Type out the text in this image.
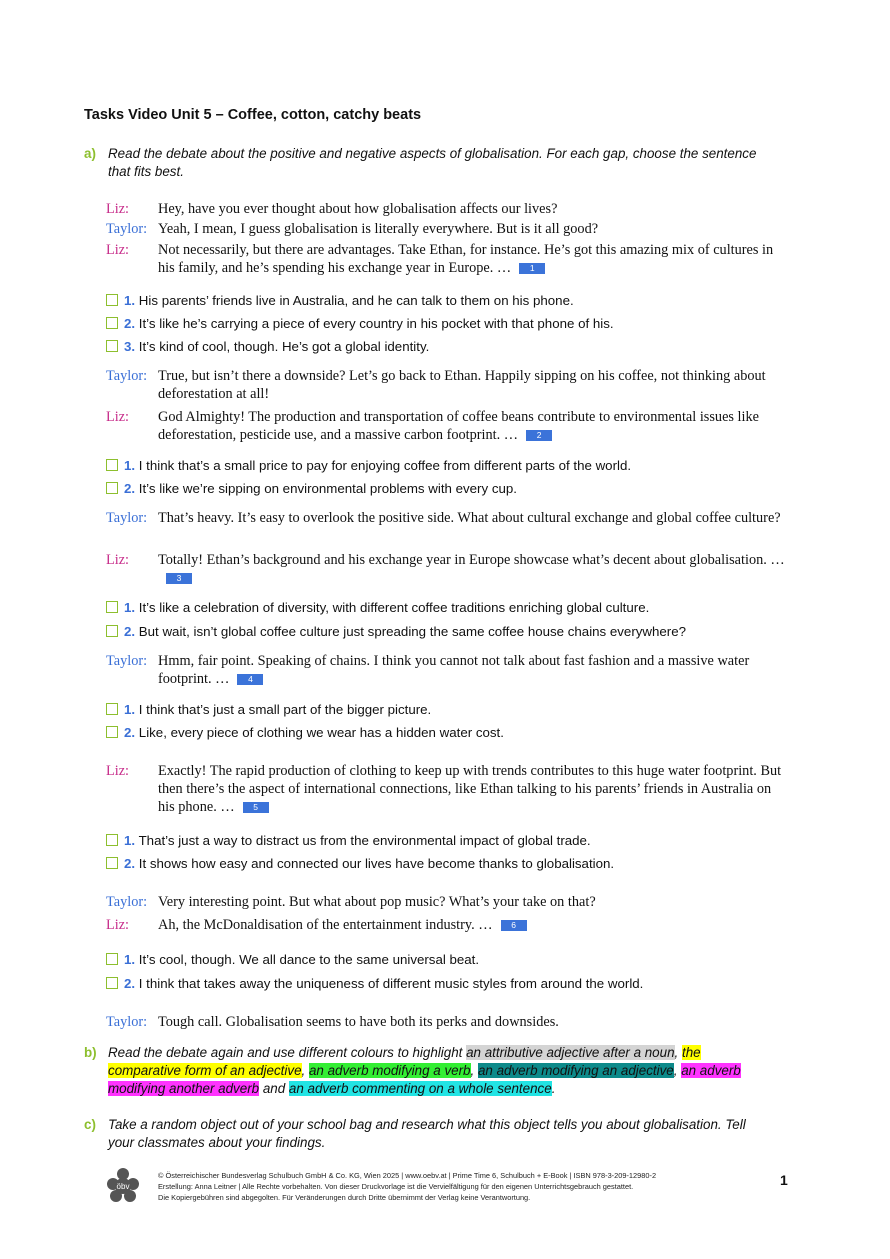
Tasks Video Unit 5 – Coffee, cotton, catchy beats
a) Read the debate about the positive and negative aspects of globalisation. For each gap, choose the sentence that fits best.
Liz: Hey, have you ever thought about how globalisation affects our lives?
Taylor: Yeah, I mean, I guess globalisation is literally everywhere. But is it all good?
Liz: Not necessarily, but there are advantages. Take Ethan, for instance. He’s got this amazing mix of cultures in his family, and he’s spending his exchange year in Europe. … 1
1. His parents’ friends live in Australia, and he can talk to them on his phone.
2. It’s like he’s carrying a piece of every country in his pocket with that phone of his.
3. It’s kind of cool, though. He’s got a global identity.
Taylor: True, but isn’t there a downside? Let’s go back to Ethan. Happily sipping on his coffee, not thinking about deforestation at all!
Liz: God Almighty! The production and transportation of coffee beans contribute to environmental issues like deforestation, pesticide use, and a massive carbon footprint. … 2
1. I think that’s a small price to pay for enjoying coffee from different parts of the world.
2. It’s like we’re sipping on environmental problems with every cup.
Taylor: That’s heavy. It’s easy to overlook the positive side. What about cultural exchange and global coffee culture?
Liz: Totally! Ethan’s background and his exchange year in Europe showcase what’s decent about globalisation. …3
1. It’s like a celebration of diversity, with different coffee traditions enriching global culture.
2. But wait, isn’t global coffee culture just spreading the same coffee house chains everywhere?
Taylor: Hmm, fair point. Speaking of chains. I think you cannot not talk about fast fashion and a massive water footprint. … 4
1. I think that’s just a small part of the bigger picture.
2. Like, every piece of clothing we wear has a hidden water cost.
Liz: Exactly! The rapid production of clothing to keep up with trends contributes to this huge water footprint. But then there’s the aspect of international connections, like Ethan talking to his parents’ friends in Australia on his phone. … 5
1. That’s just a way to distract us from the environmental impact of global trade.
2. It shows how easy and connected our lives have become thanks to globalisation.
Taylor: Very interesting point. But what about pop music? What’s your take on that?
Liz: Ah, the McDonaldisation of the entertainment industry. … 6
1. It’s cool, though. We all dance to the same universal beat.
2. I think that takes away the uniqueness of different music styles from around the world.
Taylor: Tough call. Globalisation seems to have both its perks and downsides.
b) Read the debate again and use different colours to highlight an attributive adjective after a noun, the comparative form of an adjective, an adverb modifying a verb, an adverb modifying an adjective, an adverb modifying another adverb and an adverb commenting on a whole sentence.
c) Take a random object out of your school bag and research what this object tells you about globalisation. Tell your classmates about your findings.
öbv
© Österreichischer Bundesverlag Schulbuch GmbH & Co. KG, Wien 2025 | www.oebv.at | Prime Time 6, Schulbuch + E-Book | ISBN 978-3-209-12980-2
Erstellung: Anna Leitner | Alle Rechte vorbehalten. Von dieser Druckvorlage ist die Vervielfältigung für den eigenen Unterrichtsgebrauch gestattet.
Die Kopiergebühren sind abgegolten. Für Veränderungen durch Dritte übernimmt der Verlag keine Verantwortung.
1
